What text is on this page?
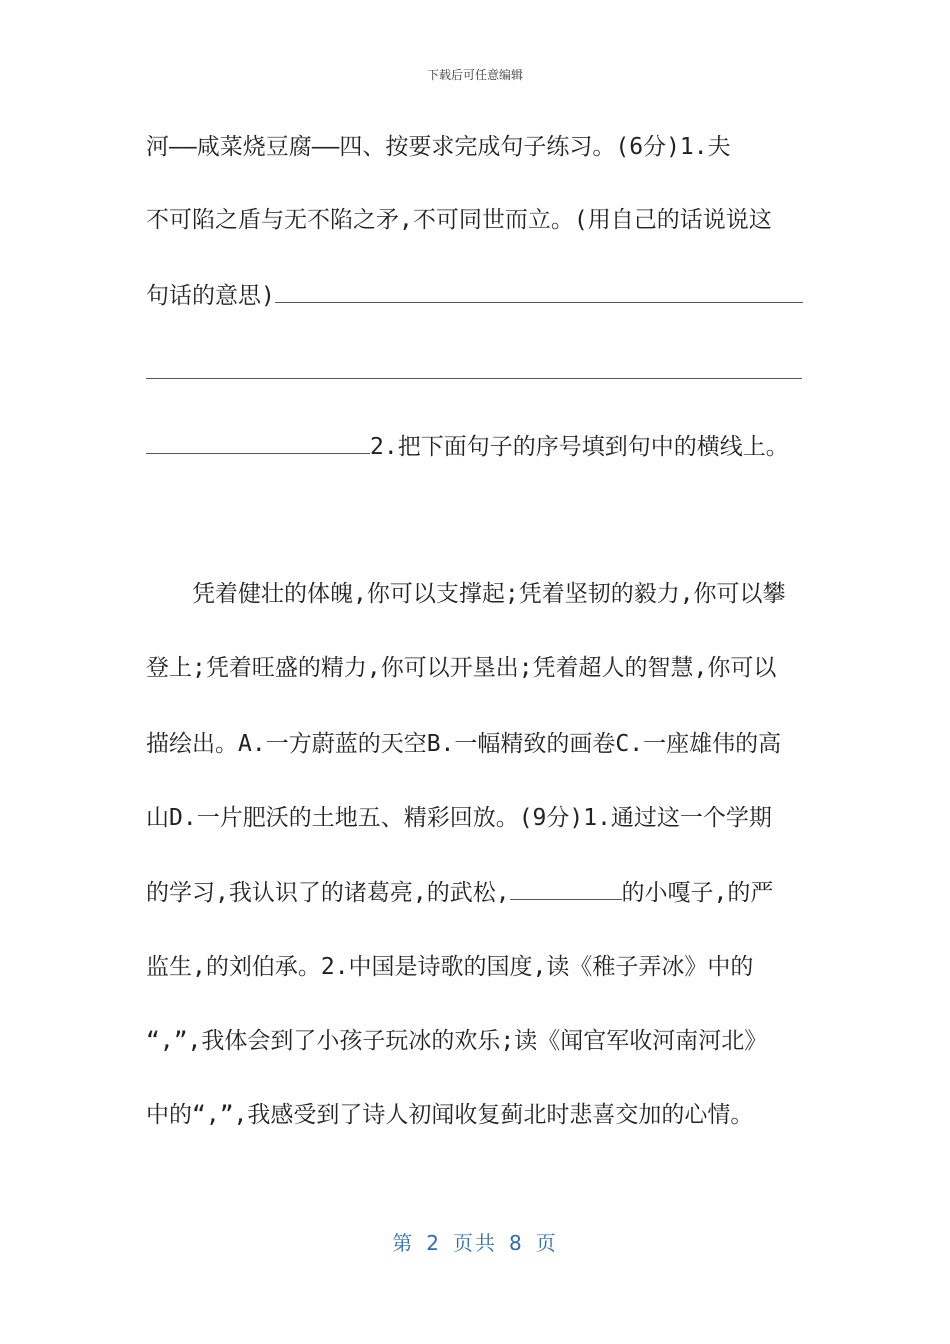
下载后可任意编辑
河——咸菜烧豆腐——四、按要求完成句子练习。(6分)1.夫
不可陷之盾与无不陷之矛,不可同世而立。(用自己的话说说这
句话的意思)
2.把下面句子的序号填到句中的横线上。
凭着健壮的体魄,你可以支撑起;凭着坚韧的毅力,你可以攀
登上;凭着旺盛的精力,你可以开垦出;凭着超人的智慧,你可以
描绘出。A.一方蔚蓝的天空B.一幅精致的画卷C.一座雄伟的高
山D.一片肥沃的土地五、精彩回放。(9分)1.通过这一个学期
的学习,我认识了的诸葛亮,的武松,	的小嘎子,的严
监生,的刘伯承。2.中国是诗歌的国度,读《稚子弄冰》中的
“,”,我体会到了小孩子玩冰的欢乐;读《闻官军收河南河北》
中的“,”,我感受到了诗人初闻收复蓟北时悲喜交加的心情。
第 2 页共 8 页
